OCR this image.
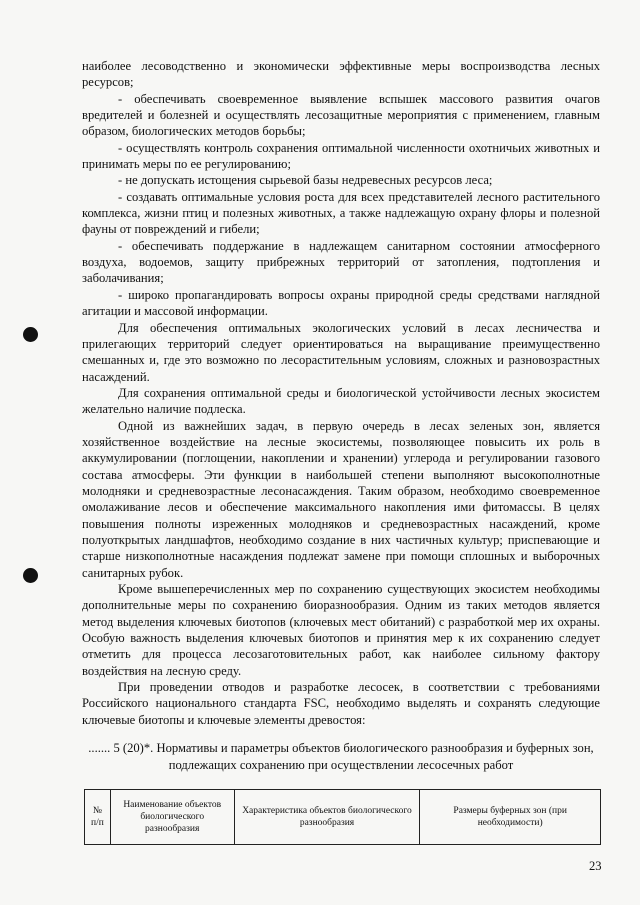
наиболее лесоводственно и экономически эффективные меры воспроизводства лесных ресурсов;

- обеспечивать своевременное выявление вспышек массового развития очагов вредителей и болезней и осуществлять лесозащитные мероприятия с применением, главным образом, биологических методов борьбы;

- осуществлять контроль сохранения оптимальной численности охотничьих животных и принимать меры по ее регулированию;

- не допускать истощения сырьевой базы недревесных ресурсов леса;

- создавать оптимальные условия роста для всех представителей лесного растительного комплекса, жизни птиц и полезных животных, а также надлежащую охрану флоры и полезной фауны от повреждений и гибели;

- обеспечивать поддержание в надлежащем санитарном состоянии атмосферного воздуха, водоемов, защиту прибрежных территорий от затопления, подтопления и заболачивания;

- широко пропагандировать вопросы охраны природной среды средствами наглядной агитации и массовой информации.

Для обеспечения оптимальных экологических условий в лесах лесничества и прилегающих территорий следует ориентироваться на выращивание преимущественно смешанных и, где это возможно по лесорастительным условиям, сложных и разновозрастных насаждений.

Для сохранения оптимальной среды и биологической устойчивости лесных экосистем желательно наличие подлеска.

Одной из важнейших задач, в первую очередь в лесах зеленых зон, является хозяйственное воздействие на лесные экосистемы, позволяющее повысить их роль в аккумулировании (поглощении, накоплении и хранении) углерода и регулировании газового состава атмосферы. Эти функции в наибольшей степени выполняют высокополнотные молодняки и средневозрастные лесонасаждения. Таким образом, необходимо своевременное омолаживание лесов и обеспечение максимального накопления ими фитомассы. В целях повышения полноты изреженных молодняков и средневозрастных насаждений, кроме полуоткрытых ландшафтов, необходимо создание в них частичных культур; приспевающие и старше низкополнотные насаждения подлежат замене при помощи сплошных и выборочных санитарных рубок.

Кроме вышеперечисленных мер по сохранению существующих экосистем необходимы дополнительные меры по сохранению биоразнообразия. Одним из таких методов является метод выделения ключевых биотопов (ключевых мест обитаний) с разработкой мер их охраны. Особую важность выделения ключевых биотопов и принятия мер к их сохранению следует отметить для процесса лесозаготовительных работ, как наиболее сильному фактору воздействия на лесную среду.

При проведении отводов и разработке лесосек, в соответствии с требованиями Российского национального стандарта FSC, необходимо выделять и сохранять следующие ключевые биотопы и ключевые элементы древостоя:

....... 5 (20)*. Нормативы и параметры объектов биологического разнообразия и буферных зон, подлежащих сохранению при осуществлении лесосечных работ
№ п/п	Наименование объектов биологического разнообразия	Характеристика объектов биологического разнообразия	Размеры буферных зон (при необходимости)
23
